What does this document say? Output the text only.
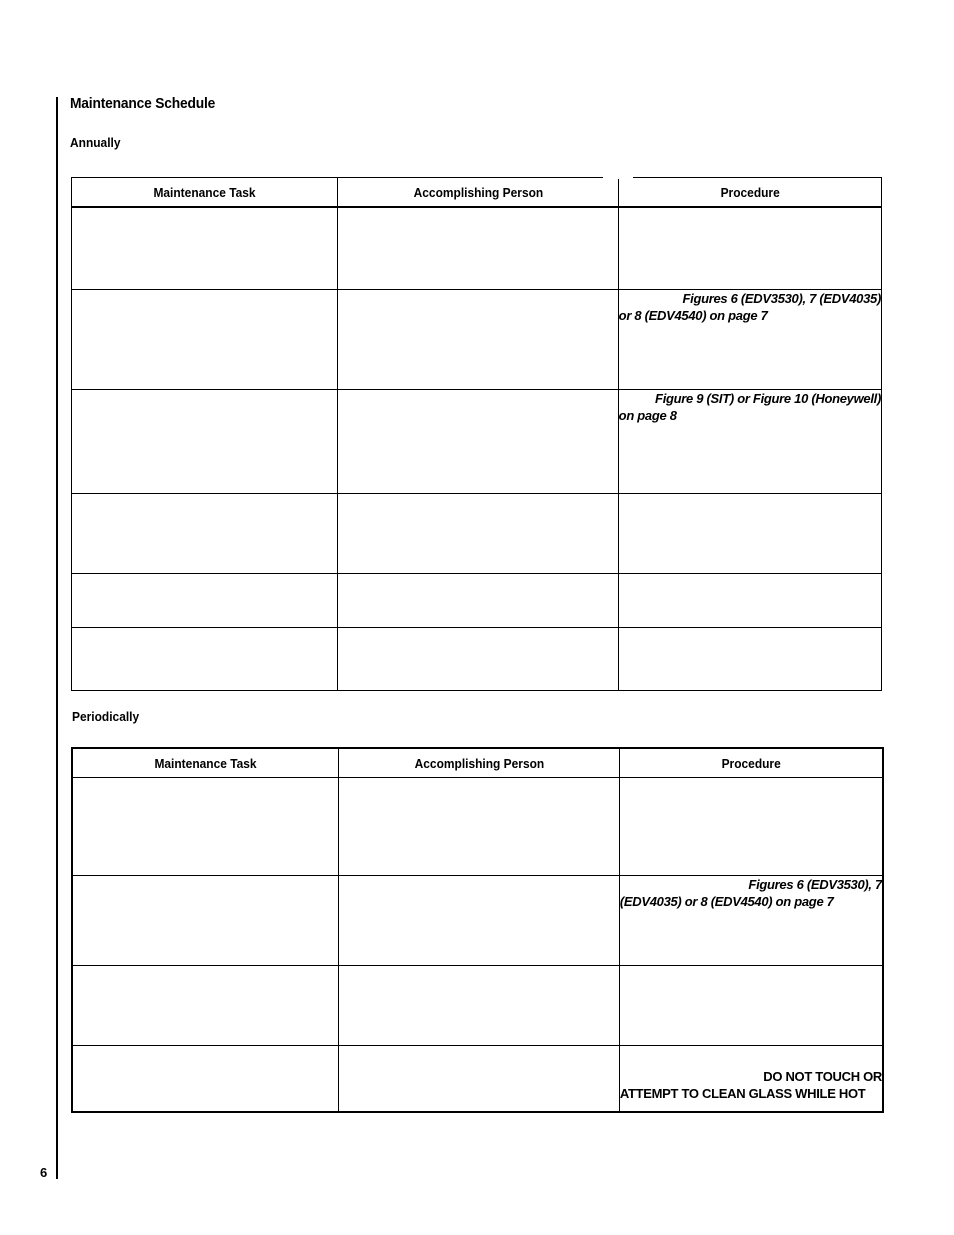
6
Maintenance Schedule
Annually
Maintenance Task	Accomplishing Person	Procedure

		Figures 6 (EDV3530), 7 (EDV4035)
or 8 (EDV4540) on page 7

		Figure 9 (SIT) or Figure 10 (Honeywell)
on page 8

Periodically
Maintenance Task	Accomplishing Person	Procedure

		Figures 6 (EDV3530), 7
(EDV4035) or 8 (EDV4540) on page 7

		DO NOT TOUCH OR
ATTEMPT TO CLEAN GLASS WHILE HOT
